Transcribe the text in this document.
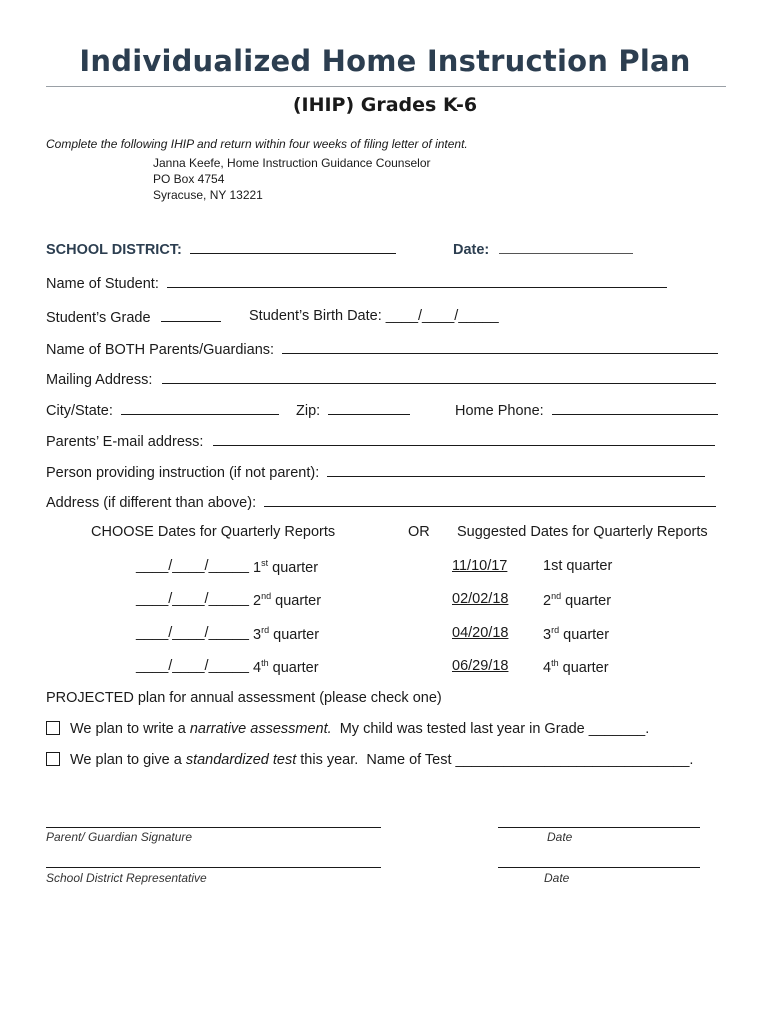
Individualized Home Instruction Plan
(IHIP) Grades K-6
Complete the following IHIP and return within four weeks of filing letter of intent.
Janna Keefe, Home Instruction Guidance Counselor
PO Box 4754
Syracuse, NY 13221
SCHOOL DISTRICT:	Date:
Name of Student:
Student’s Grade	Student’s Birth Date: ____/____/_____
Name of BOTH Parents/Guardians:
Mailing Address:
City/State:	Zip:	Home Phone:
Parents’ E-mail address:
Person providing instruction (if not parent):
Address (if different than above):
CHOOSE Dates for Quarterly Reports	OR Suggested Dates for Quarterly Reports
____/____/_____ 1st quarter	11/10/17 1st quarter
____/____/_____ 2nd quarter	02/02/18 2nd quarter
____/____/_____ 3rd quarter	04/20/18 3rd quarter
____/____/_____ 4th quarter	06/29/18 4th quarter
PROJECTED plan for annual assessment (please check one)
We plan to write a narrative assessment.  My child was tested last year in Grade _______.
We plan to give a standardized test this year.  Name of Test _____________________________.
Parent/ Guardian Signature	Date
School District Representative	Date
